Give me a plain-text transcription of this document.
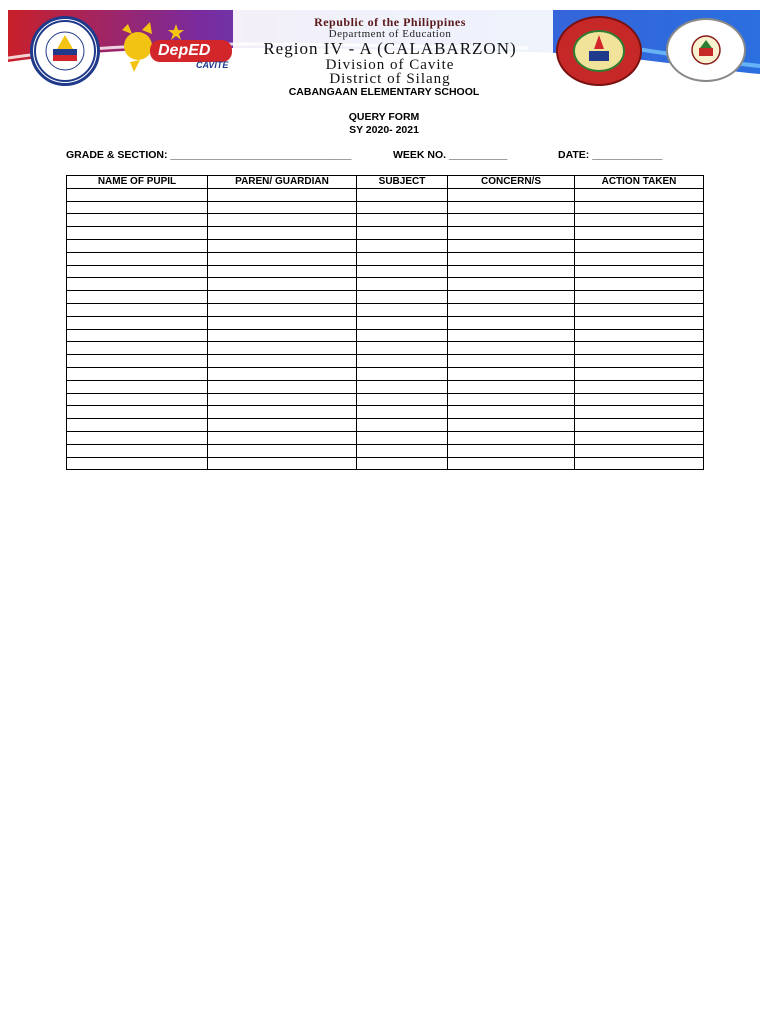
DepED
CAVITE
Republic of the Philippines
Department of Education
Region IV - A (CALABARZON)
Division of Cavite
District of Silang
CABANGAAN ELEMENTARY SCHOOL
QUERY FORM
SY 2020- 2021
GRADE & SECTION: _______________________________	WEEK NO. __________	DATE: ____________
NAME OF PUPIL	PAREN/ GUARDIAN	SUBJECT	CONCERN/S	ACTION TAKEN
